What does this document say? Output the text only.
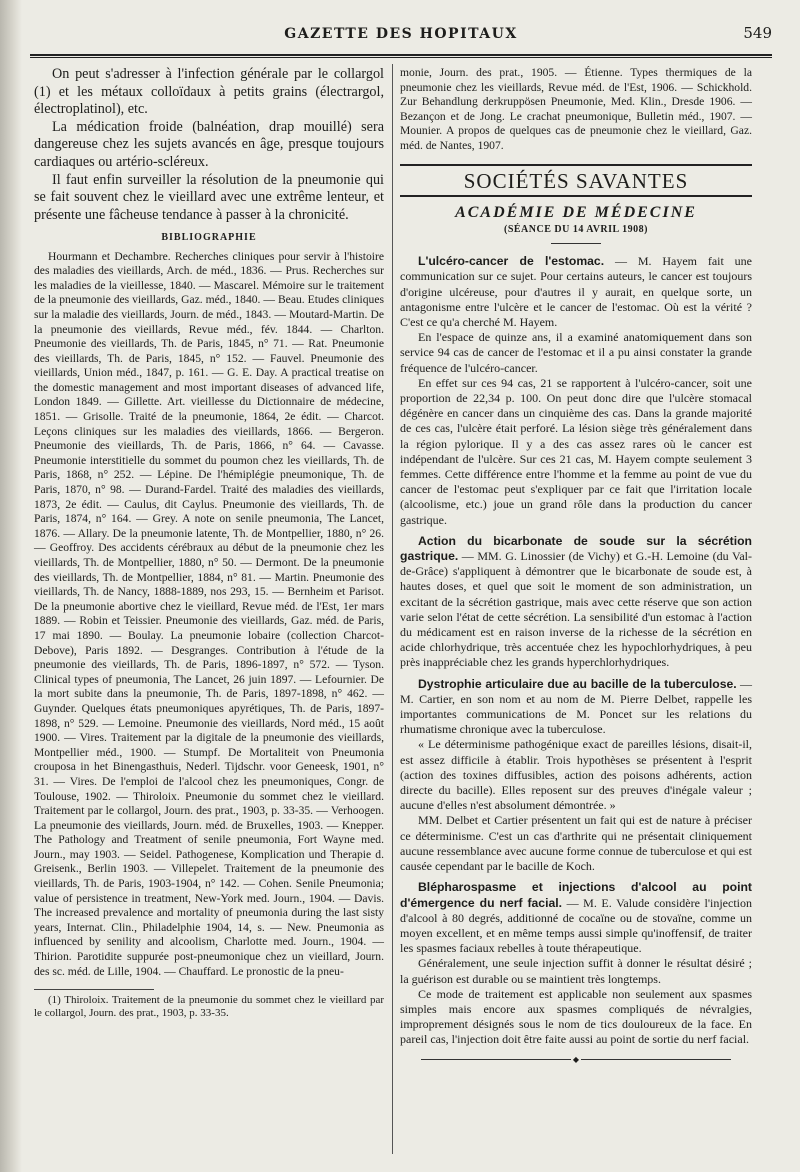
GAZETTE DES HOPITAUX	549

On peut s'adresser à l'infection générale par le collargol (1) et les métaux colloïdaux à petits grains (électrargol, électroplatinol), etc.

La médication froide (balnéation, drap mouillé) sera dangereuse chez les sujets avancés en âge, presque toujours cardiaques ou artério-scléreux.

Il faut enfin surveiller la résolution de la pneumonie qui se fait souvent chez le vieillard avec une extrême lenteur, et présente une fâcheuse tendance à passer à la chronicité.

BIBLIOGRAPHIE

Hourmann et Dechambre. Recherches cliniques pour servir à l'histoire des maladies des vieillards, Arch. de méd., 1836. — Prus. Recherches sur les maladies de la vieillesse, 1840. — Mascarel. Mémoire sur le traitement de la pneumonie des vieillards, Gaz. méd., 1840. — Beau. Etudes cliniques sur la maladie des vieillards, Journ. de méd., 1843. — Moutard-Martin. De la pneumonie des vieillards, Revue méd., fév. 1844. — Charlton. Pneumonie des vieillards, Th. de Paris, 1845, n° 71. — Rat. Pneumonie des vieillards, Th. de Paris, 1845, n° 152. — Fauvel. Pneumonie des vieillards, Union méd., 1847, p. 161. — G. E. Day. A practical treatise on the domestic management and most important diseases of advanced life, London 1849. — Gillette. Art. vieillesse du Dictionnaire de médecine, 1851. — Grisolle. Traité de la pneumonie, 1864, 2e édit. — Charcot. Leçons cliniques sur les maladies des vieillards, 1866. — Bergeron. Pneumonie des vieillards, Th. de Paris, 1866, n° 64. — Cavasse. Pneumonie interstitielle du sommet du poumon chez les vieillards, Th. de Paris, 1868, n° 252. — Lépine. De l'hémiplégie pneumonique, Th. de Paris, 1870, n° 98. — Durand-Fardel. Traité des maladies des vieillards, 1873, 2e édit. — Caulus, dit Caylus. Pneumonie des vieillards, Th. de Paris, 1874, n° 164. — Grey. A note on senile pneumonia, The Lancet, 1876. — Allary. De la pneumonie latente, Th. de Montpellier, 1880, n° 26. — Geoffroy. Des accidents cérébraux au début de la pneumonie chez les vieillards, Th. de Montpellier, 1880, n° 50. — Dermont. De la pneumonie des vieillards, Th. de Montpellier, 1884, n° 81. — Martin. Pneumonie des vieillards, Th. de Nancy, 1888-1889, nos 293, 15. — Bernheim et Parisot. De la pneumonie abortive chez le vieillard, Revue méd. de l'Est, 1er mars 1889. — Robin et Teissier. Pneumonie des vieillards, Gaz. méd. de Paris, 17 mai 1890. — Boulay. La pneumonie lobaire (collection Charcot-Debove), Paris 1892. — Desgranges. Contribution à l'étude de la pneumonie des vieillards, Th. de Paris, 1896-1897, n° 572. — Tyson. Clinical types of pneumonia, The Lancet, 26 juin 1897. — Lefournier. De la mort subite dans la pneumonie, Th. de Paris, 1897-1898, n° 462. — Guynder. Quelques états pneumoniques apyrétiques, Th. de Paris, 1897-1898, n° 529. — Lemoine. Pneumonie des vieillards, Nord méd., 15 août 1900. — Vires. Traitement par la digitale de la pneumonie des vieillards, Montpellier méd., 1900. — Stumpf. De Mortaliteit von Pneumonia crouposa in het Binengasthuis, Nederl. Tijdschr. voor Geneesk, 1901, n° 31. — Vires. De l'emploi de l'alcool chez les pneumoniques, Congr. de Toulouse, 1902. — Thiroloix. Pneumonie du sommet chez le vieillard. Traitement par le collargol, Journ. des prat., 1903, p. 33-35. — Verhoogen. La pneumonie des vieillards, Journ. méd. de Bruxelles, 1903. — Knepper. The Pathology and Treatment of senile pneumonia, Fort Wayne med. Journ., may 1903. — Seidel. Pathogenese, Komplication und Therapie d. Greisenk., Berlin 1903. — Villepelet. Traitement de la pneumonie des vieillards, Th. de Paris, 1903-1904, n° 142. — Cohen. Senile Pneumonia; value of persistence in treatment, New-York med. Journ., 1904. — Davis. The increased prevalence and mortality of pneumonia during the last sisty years, Internat. Clin., Philadelphie 1904, 14, s. — New. Pneumonia as influenced by senility and alcoolism, Charlotte med. Journ., 1904. — Thirion. Parotidite suppurée post-pneumonique chez un vieillard, Journ. des sc. méd. de Lille, 1904. — Chauffard. Le pronostic de la pneu-

(1) Thiroloix. Traitement de la pneumonie du sommet chez le vieillard par le collargol, Journ. des prat., 1903, p. 33-35.

monie, Journ. des prat., 1905. — Étienne. Types thermiques de la pneumonie chez les vieillards, Revue méd. de l'Est, 1906. — Schickhold. Zur Behandlung derkruppösen Pneumonie, Med. Klin., Dresde 1906. — Bezançon et de Jong. Le crachat pneumonique, Bulletin méd., 1907. — Mounier. A propos de quelques cas de pneumonie chez le vieillard, Gaz. méd. de Nantes, 1907.

SOCIÉTÉS SAVANTES
ACADÉMIE DE MÉDECINE
(SÉANCE DU 14 AVRIL 1908)

L'ulcéro-cancer de l'estomac. — M. Hayem fait une communication sur ce sujet. Pour certains auteurs, le cancer est toujours d'origine ulcéreuse, pour d'autres il y aurait, en quelque sorte, un antagonisme entre l'ulcère et le cancer de l'estomac. Où est la vérité ? C'est ce qu'a cherché M. Hayem.

En l'espace de quinze ans, il a examiné anatomiquement dans son service 94 cas de cancer de l'estomac et il a pu ainsi constater la grande fréquence de l'ulcéro-cancer.

En effet sur ces 94 cas, 21 se rapportent à l'ulcéro-cancer, soit une proportion de 22,34 p. 100. On peut donc dire que l'ulcère stomacal dégénère en cancer dans un cinquième des cas. Dans la grande majorité de ces cas, l'ulcère était perforé. La lésion siège très généralement dans la région pylorique. Il y a des cas assez rares où le cancer est indépendant de l'ulcère. Sur ces 21 cas, M. Hayem compte seulement 3 femmes. Cette différence entre l'homme et la femme au point de vue du cancer de l'estomac peut s'expliquer par ce fait que l'irritation locale (alcoolisme, etc.) joue un grand rôle dans la production du cancer gastrique.

Action du bicarbonate de soude sur la sécrétion gastrique. — MM. G. Linossier (de Vichy) et G.-H. Lemoine (du Val-de-Grâce) s'appliquent à démontrer que le bicarbonate de soude est, à hautes doses, et quel que soit le moment de son administration, un excitant de la sécrétion gastrique, mais avec cette réserve que son action varie selon l'état de cette sécrétion. La sensibilité d'un estomac à l'action du médicament est en raison inverse de la richesse de la sécrétion en acide chlorhydrique, très accentuée chez les hypochlorhydriques, à peu près inappréciable chez les grands hyperchlorhydriques.

Dystrophie articulaire due au bacille de la tuberculose. — M. Cartier, en son nom et au nom de M. Pierre Delbet, rappelle les importantes communications de M. Poncet sur les relations du rhumatisme chronique avec la tuberculose.

« Le déterminisme pathogénique exact de pareilles lésions, disait-il, est assez difficile à établir. Trois hypothèses se présentent à l'esprit (action des toxines diffusibles, action des poisons adhérents, action directe du bacille). Elles reposent sur des preuves d'inégale valeur ; aucune d'elles n'est absolument démontrée. »

MM. Delbet et Cartier présentent un fait qui est de nature à préciser ce déterminisme. C'est un cas d'arthrite qui ne présentait cliniquement aucune ressemblance avec aucune forme connue de tuberculose et qui est causée cependant par le bacille de Koch.

Blépharospasme et injections d'alcool au point d'émergence du nerf facial. — M. E. Valude considère l'injection d'alcool à 80 degrés, additionné de cocaïne ou de stovaïne, comme un moyen excellent, et en même temps aussi simple qu'inoffensif, de traiter les spasmes faciaux rebelles à toute thérapeutique.

Généralement, une seule injection suffit à donner le résultat désiré ; la guérison est durable ou se maintient très longtemps.

Ce mode de traitement est applicable non seulement aux spasmes simples mais encore aux spasmes compliqués de névralgies, improprement désignés sous le nom de tics douloureux de la face. En pareil cas, l'injection doit être faite aussi au point de sortie du nerf facial.

◆
